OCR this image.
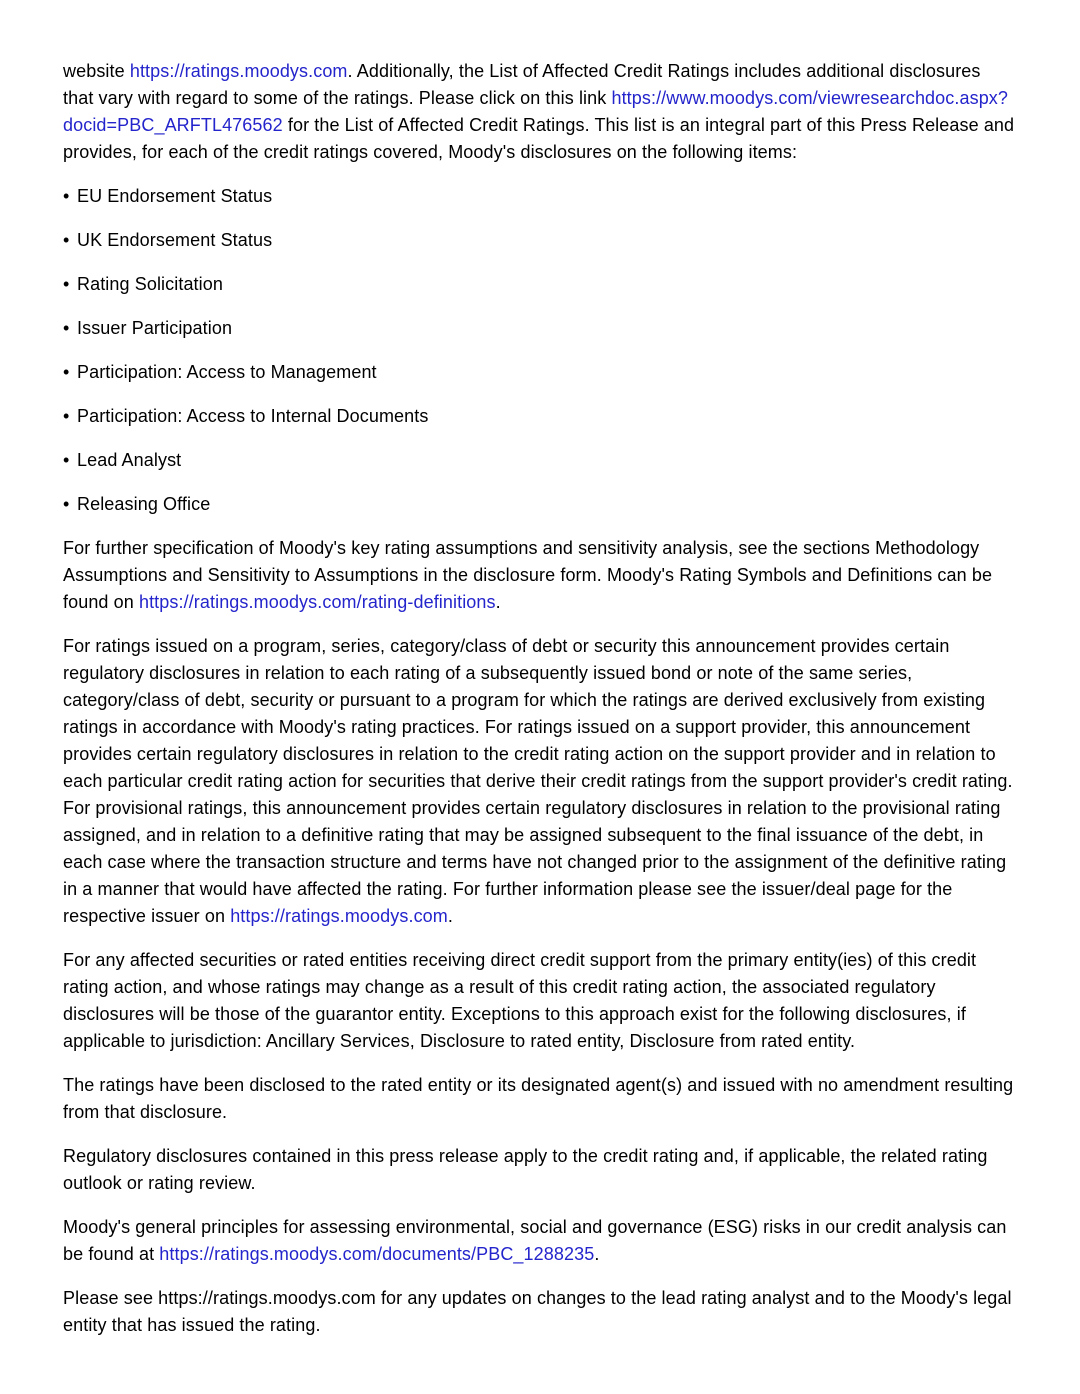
website https://ratings.moodys.com. Additionally, the List of Affected Credit Ratings includes additional disclosures that vary with regard to some of the ratings. Please click on this link https://www.moodys.com/viewresearchdoc.aspx?docid=PBC_ARFTL476562 for the List of Affected Credit Ratings. This list is an integral part of this Press Release and provides, for each of the credit ratings covered, Moody's disclosures on the following items:

• EU Endorsement Status

• UK Endorsement Status

• Rating Solicitation

• Issuer Participation

• Participation: Access to Management

• Participation: Access to Internal Documents

• Lead Analyst

• Releasing Office

For further specification of Moody's key rating assumptions and sensitivity analysis, see the sections Methodology Assumptions and Sensitivity to Assumptions in the disclosure form. Moody's Rating Symbols and Definitions can be found on https://ratings.moodys.com/rating-definitions.

For ratings issued on a program, series, category/class of debt or security this announcement provides certain regulatory disclosures in relation to each rating of a subsequently issued bond or note of the same series, category/class of debt, security or pursuant to a program for which the ratings are derived exclusively from existing ratings in accordance with Moody's rating practices. For ratings issued on a support provider, this announcement provides certain regulatory disclosures in relation to the credit rating action on the support provider and in relation to each particular credit rating action for securities that derive their credit ratings from the support provider's credit rating. For provisional ratings, this announcement provides certain regulatory disclosures in relation to the provisional rating assigned, and in relation to a definitive rating that may be assigned subsequent to the final issuance of the debt, in each case where the transaction structure and terms have not changed prior to the assignment of the definitive rating in a manner that would have affected the rating. For further information please see the issuer/deal page for the respective issuer on https://ratings.moodys.com.

For any affected securities or rated entities receiving direct credit support from the primary entity(ies) of this credit rating action, and whose ratings may change as a result of this credit rating action, the associated regulatory disclosures will be those of the guarantor entity. Exceptions to this approach exist for the following disclosures, if applicable to jurisdiction: Ancillary Services, Disclosure to rated entity, Disclosure from rated entity.

The ratings have been disclosed to the rated entity or its designated agent(s) and issued with no amendment resulting from that disclosure.

Regulatory disclosures contained in this press release apply to the credit rating and, if applicable, the related rating outlook or rating review.

Moody's general principles for assessing environmental, social and governance (ESG) risks in our credit analysis can be found at https://ratings.moodys.com/documents/PBC_1288235.

Please see https://ratings.moodys.com for any updates on changes to the lead rating analyst and to the Moody's legal entity that has issued the rating.
